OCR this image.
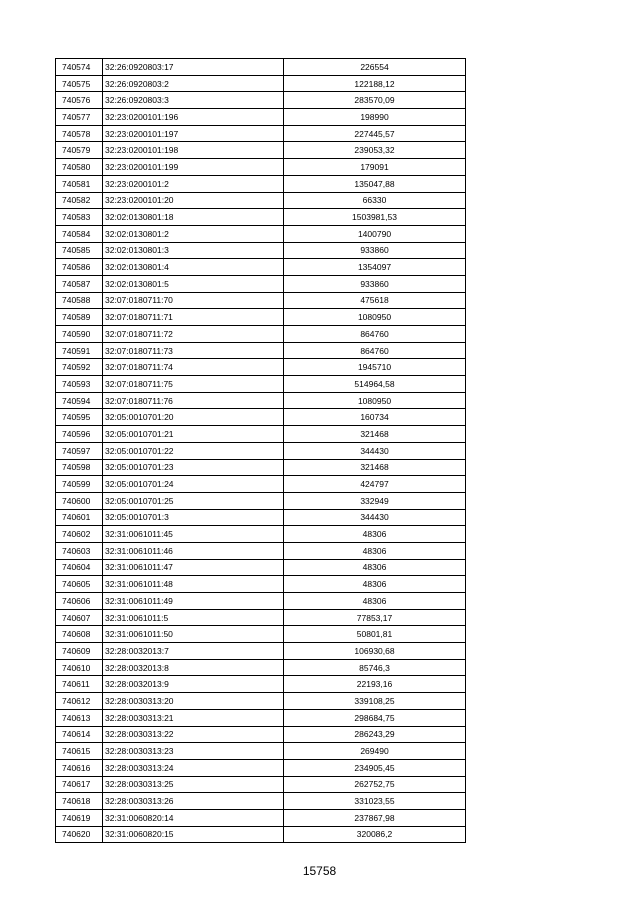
740574	32:26:0920803:17	226554
740575	32:26:0920803:2	122188,12
740576	32:26:0920803:3	283570,09
740577	32:23:0200101:196	198990
740578	32:23:0200101:197	227445,57
740579	32:23:0200101:198	239053,32
740580	32:23:0200101:199	179091
740581	32:23:0200101:2	135047,88
740582	32:23:0200101:20	66330
740583	32:02:0130801:18	1503981,53
740584	32:02:0130801:2	1400790
740585	32:02:0130801:3	933860
740586	32:02:0130801:4	1354097
740587	32:02:0130801:5	933860
740588	32:07:0180711:70	475618
740589	32:07:0180711:71	1080950
740590	32:07:0180711:72	864760
740591	32:07:0180711:73	864760
740592	32:07:0180711:74	1945710
740593	32:07:0180711:75	514964,58
740594	32:07:0180711:76	1080950
740595	32:05:0010701:20	160734
740596	32:05:0010701:21	321468
740597	32:05:0010701:22	344430
740598	32:05:0010701:23	321468
740599	32:05:0010701:24	424797
740600	32:05:0010701:25	332949
740601	32:05:0010701:3	344430
740602	32:31:0061011:45	48306
740603	32:31:0061011:46	48306
740604	32:31:0061011:47	48306
740605	32:31:0061011:48	48306
740606	32:31:0061011:49	48306
740607	32:31:0061011:5	77853,17
740608	32:31:0061011:50	50801,81
740609	32:28:0032013:7	106930,68
740610	32:28:0032013:8	85746,3
740611	32:28:0032013:9	22193,16
740612	32:28:0030313:20	339108,25
740613	32:28:0030313:21	298684,75
740614	32:28:0030313:22	286243,29
740615	32:28:0030313:23	269490
740616	32:28:0030313:24	234905,45
740617	32:28:0030313:25	262752,75
740618	32:28:0030313:26	331023,55
740619	32:31:0060820:14	237867,98
740620	32:31:0060820:15	320086,2
15758
